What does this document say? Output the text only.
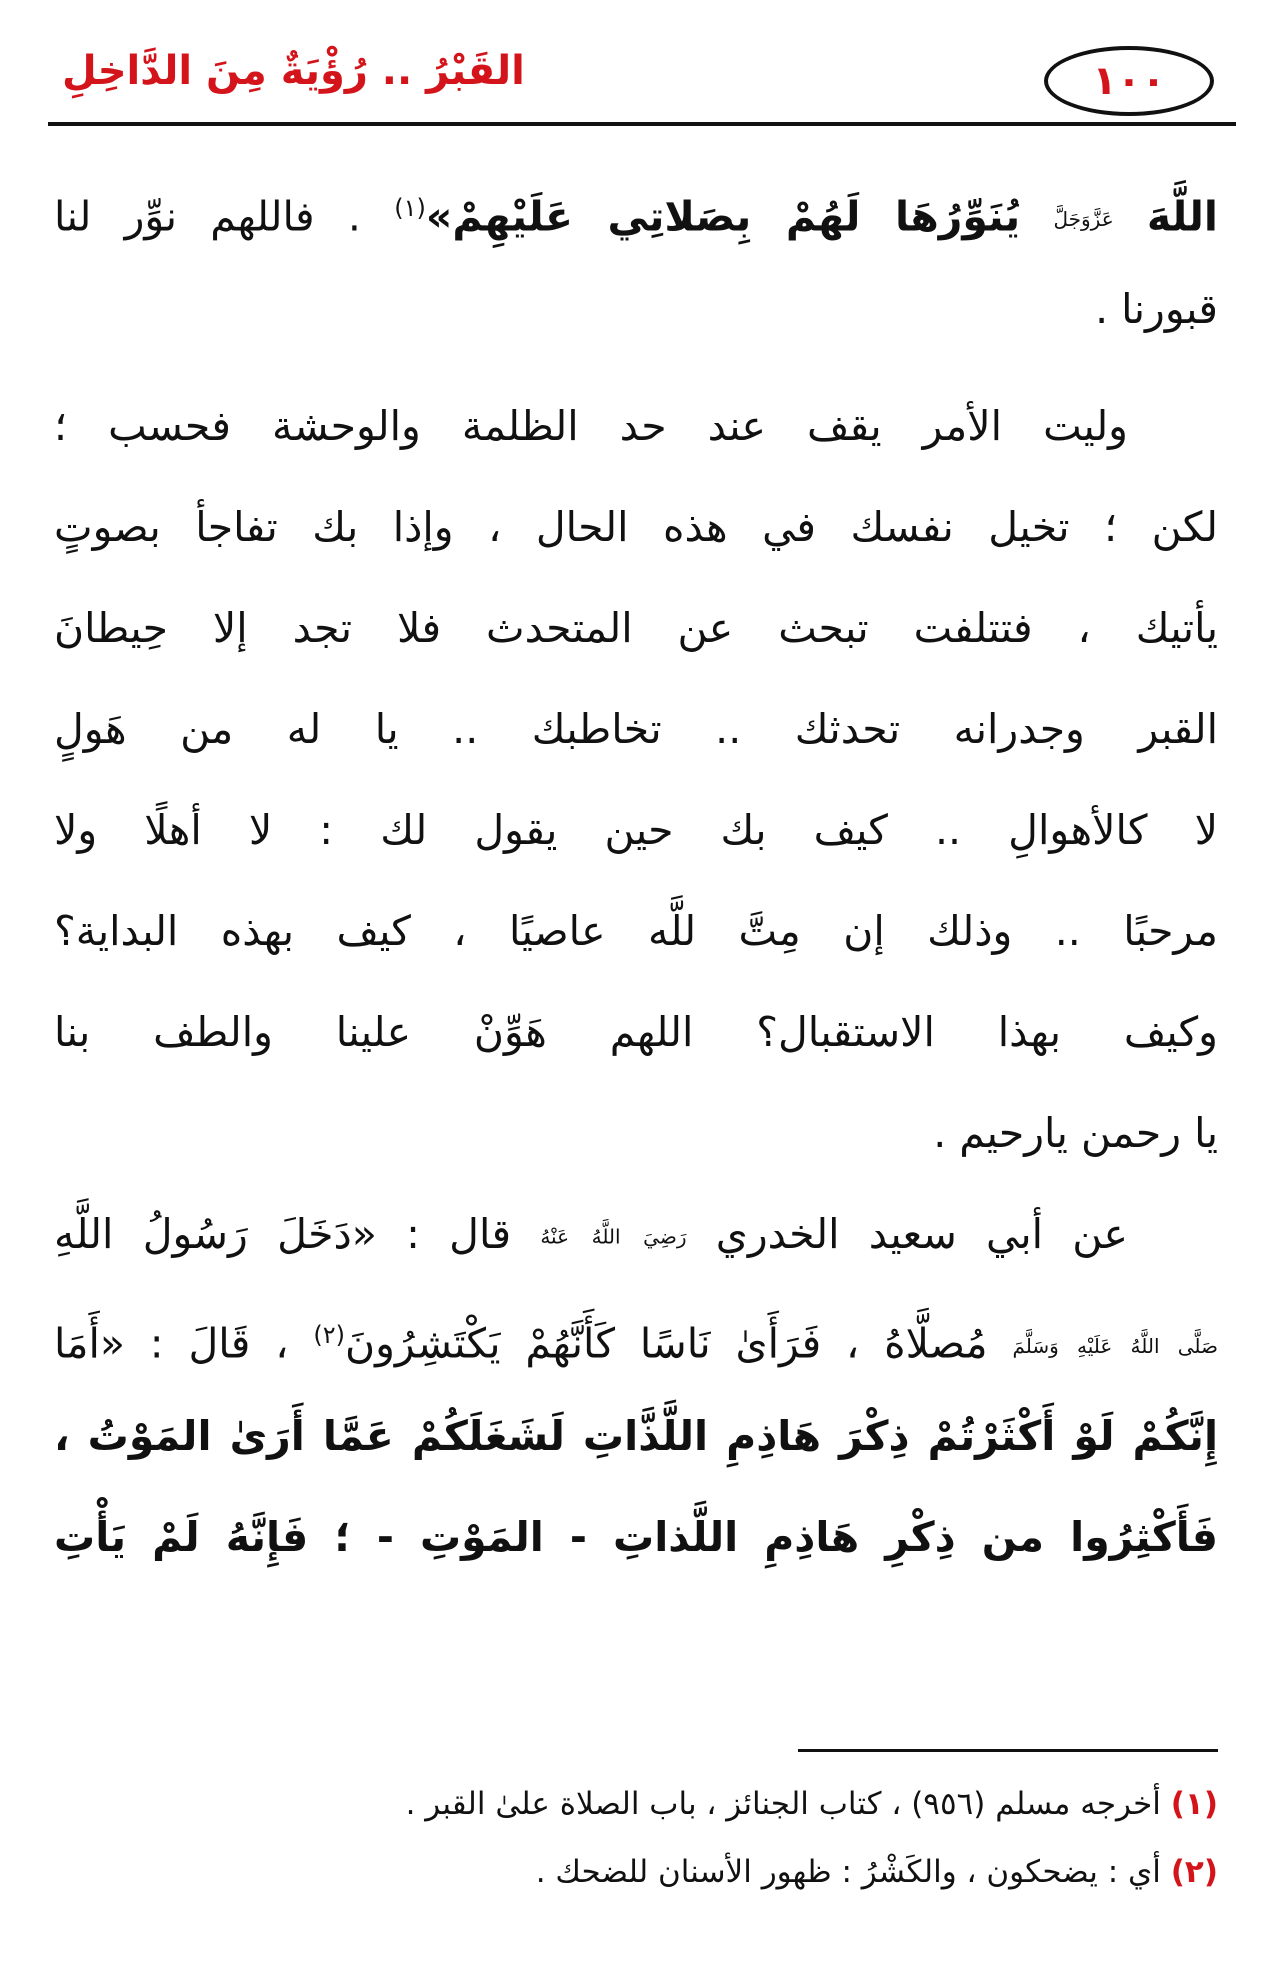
١٠٠
القَبْرُ .. رُؤْيَةٌ مِنَ الدَّاخِلِ
اللَّهَ عَزَّوَجَلَّ يُنَوِّرُهَا لَهُمْ بِصَلاتِي عَلَيْهِمْ»$^{(١)}$ . فاللهم نوِّر لنا
قبورنا .
وليت الأمر يقف عند حد الظلمة والوحشة فحسب ؛
لكن ؛ تخيل نفسك في هذه الحال ، وإذا بك تفاجأ بصوتٍ
يأتيك ، فتتلفت تبحث عن المتحدث فلا تجد إلا حِيطانَ
القبر وجدرانه تحدثك .. تخاطبك .. يا له من هَولٍ
لا كالأهوالِ .. كيف بك حين يقول لك : لا أهلًا ولا
مرحبًا .. وذلك إن مِتَّ للَّه عاصيًا ، كيف بهذه البداية؟
وكيف بهذا الاستقبال؟ اللهم هَوِّنْ علينا والطف بنا
يا رحمن يارحيم .
عن أبي سعيد الخدري رَضِيَ اللَّهُ عَنْهُ قال : «دَخَلَ رَسُولُ اللَّهِ
صَلَّى اللَّهُ عَلَيْهِ وَسَلَّمَ مُصلَّاهُ ، فَرَأَىٰ نَاسًا كَأَنَّهُمْ يَكْتَشِرُونَ$^{(٢)}$ ، قَالَ : «أَمَا
إِنَّكُمْ لَوْ أَكْثَرْتُمْ ذِكْرَ هَاذِمِ اللَّذَّاتِ لَشَغَلَكُمْ عَمَّا أَرَىٰ المَوْتُ ،
فَأَكْثِرُوا من ذِكْرِ هَاذِمِ اللَّذاتِ - المَوْتِ - ؛ فَإِنَّهُ لَمْ يَأْتِ
(١) أخرجه مسلم (٩٥٦) ، كتاب الجنائز ، باب الصلاة علىٰ القبر .
(٢) أي : يضحكون ، والكَشْرُ : ظهور الأسنان للضحك .
